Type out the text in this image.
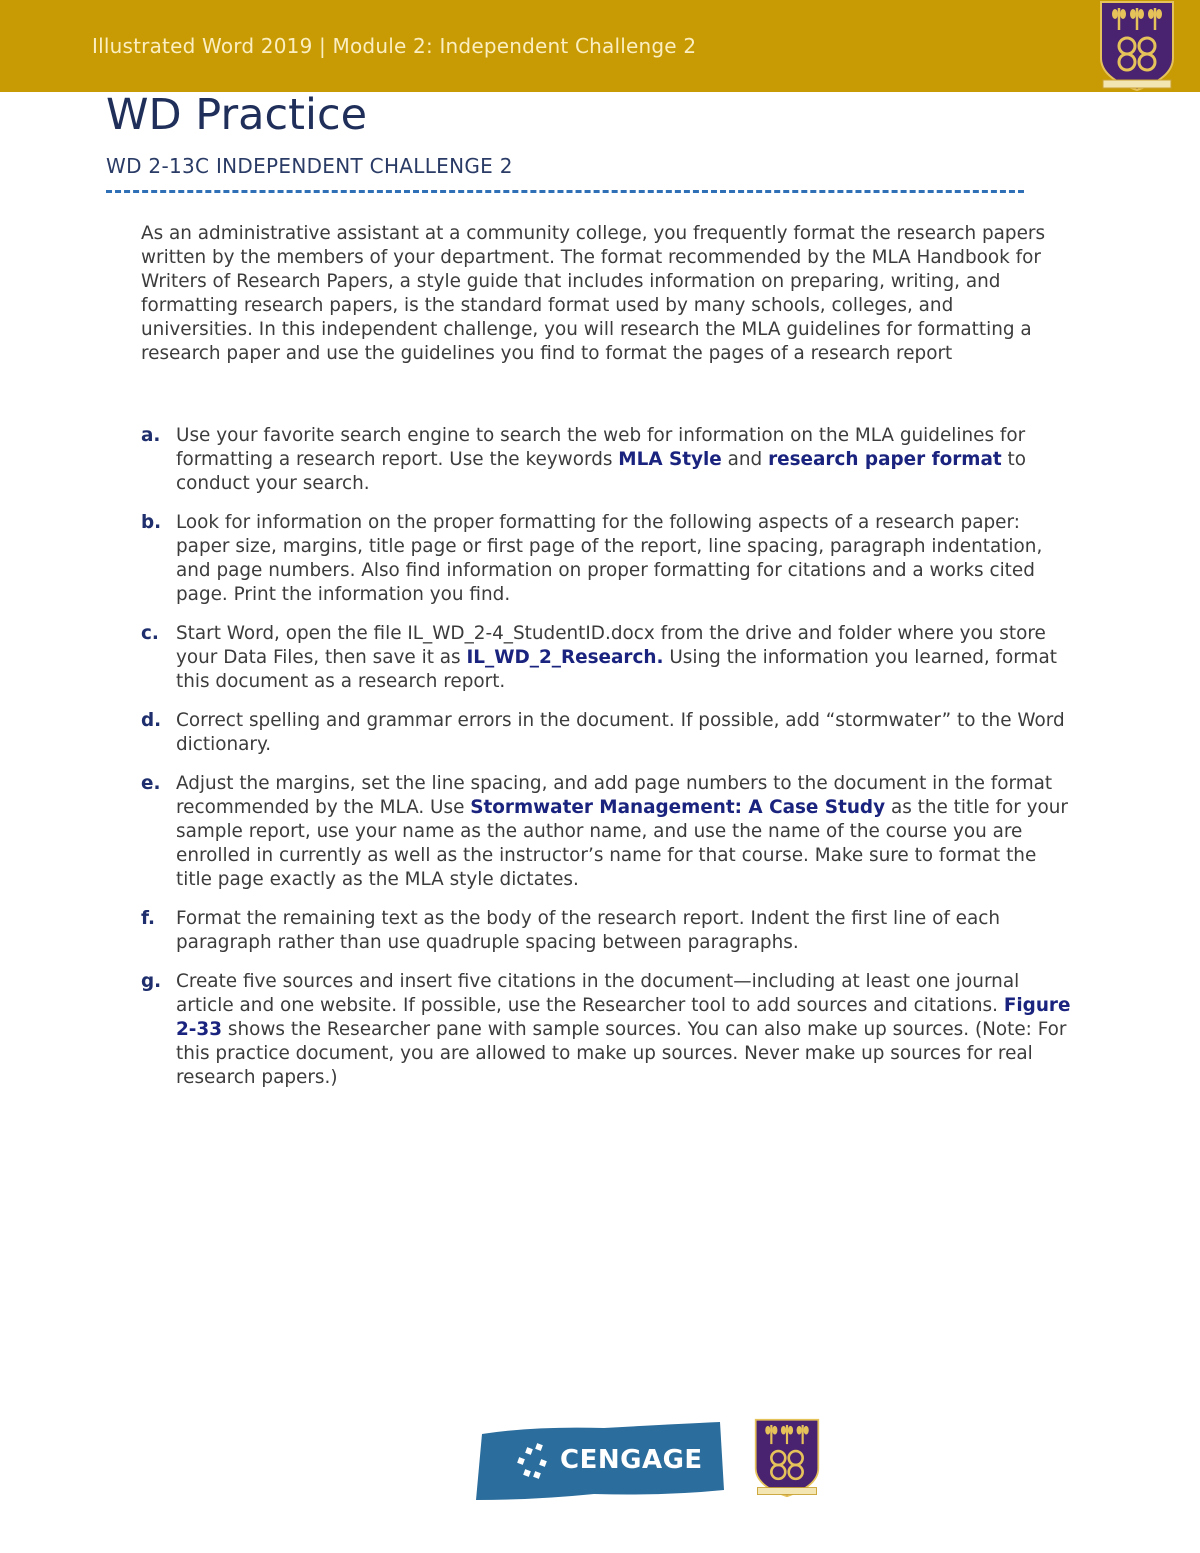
Illustrated Word 2019 | Module 2: Independent Challenge 2
WD Practice
WD 2-13C INDEPENDENT CHALLENGE 2
As an administrative assistant at a community college, you frequently format the research papers written by the members of your department. The format recommended by the MLA Handbook for Writers of Research Papers, a style guide that includes information on preparing, writing, and formatting research papers, is the standard format used by many schools, colleges, and universities. In this independent challenge, you will research the MLA guidelines for formatting a research paper and use the guidelines you find to format the pages of a research report
a. Use your favorite search engine to search the web for information on the MLA guidelines for formatting a research report. Use the keywords MLA Style and research paper format to conduct your search.
b. Look for information on the proper formatting for the following aspects of a research paper: paper size, margins, title page or first page of the report, line spacing, paragraph indentation, and page numbers. Also find information on proper formatting for citations and a works cited page. Print the information you find.
c. Start Word, open the file IL_WD_2-4_StudentID.docx from the drive and folder where you store your Data Files, then save it as IL_WD_2_Research. Using the information you learned, format this document as a research report.
d. Correct spelling and grammar errors in the document. If possible, add “stormwater” to the Word dictionary.
e. Adjust the margins, set the line spacing, and add page numbers to the document in the format recommended by the MLA. Use Stormwater Management: A Case Study as the title for your sample report, use your name as the author name, and use the name of the course you are enrolled in currently as well as the instructor’s name for that course. Make sure to format the title page exactly as the MLA style dictates.
f. Format the remaining text as the body of the research report. Indent the first line of each paragraph rather than use quadruple spacing between paragraphs.
g. Create five sources and insert five citations in the document—including at least one journal article and one website. If possible, use the Researcher tool to add sources and citations. Figure 2-33 shows the Researcher pane with sample sources. You can also make up sources. (Note: For this practice document, you are allowed to make up sources. Never make up sources for real research papers.)
CENGAGE
